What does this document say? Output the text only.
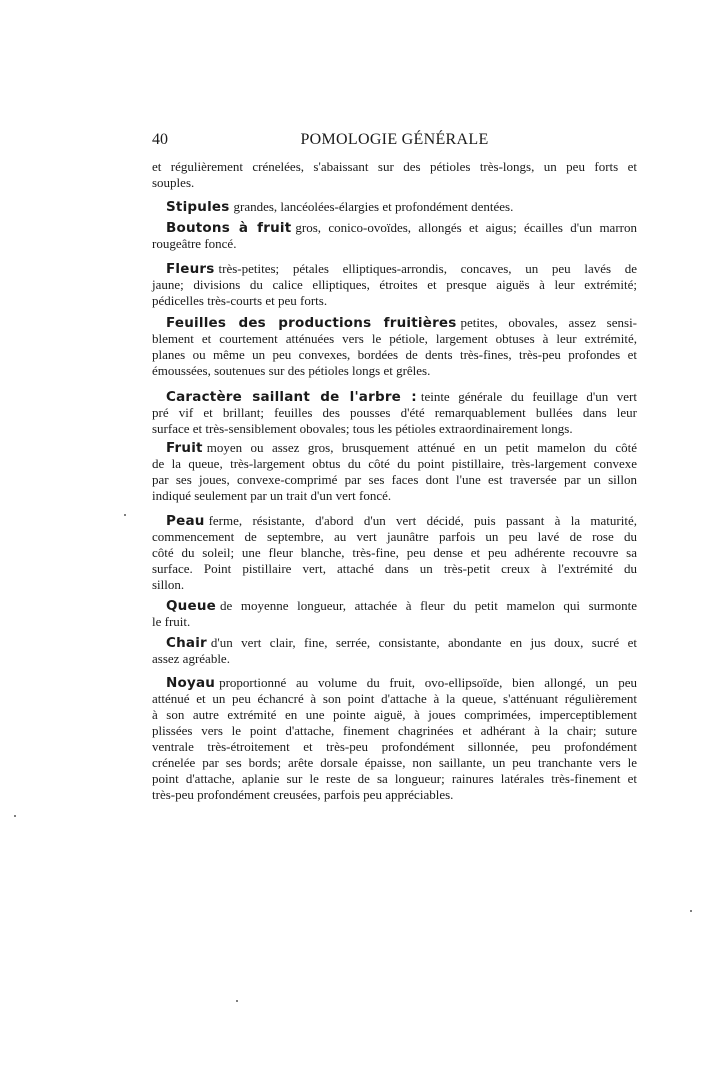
40	POMOLOGIE GÉNÉRALE
et régulièrement crénelées, s'abaissant sur des pétioles très-longs, un peu forts et
souples.
Stipules grandes, lancéolées-élargies et profondément dentées.
Boutons à fruit gros, conico-ovoïdes, allongés et aigus; écailles d'un marron
rougeâtre foncé.
Fleurs très-petites; pétales elliptiques-arrondis, concaves, un peu lavés de
jaune; divisions du calice elliptiques, étroites et presque aiguës à leur extrémité;
pédicelles très-courts et peu forts.
Feuilles des productions fruitières petites, obovales, assez sensi-
blement et courtement atténuées vers le pétiole, largement obtuses à leur extrémité,
planes ou même un peu convexes, bordées de dents très-fines, très-peu profondes et
émoussées, soutenues sur des pétioles longs et grêles.
Caractère saillant de l'arbre : teinte générale du feuillage d'un vert
pré vif et brillant; feuilles des pousses d'été remarquablement bullées dans leur
surface et très-sensiblement obovales; tous les pétioles extraordinairement longs.
Fruit moyen ou assez gros, brusquement atténué en un petit mamelon du côté
de la queue, très-largement obtus du côté du point pistillaire, très-largement convexe
par ses joues, convexe-comprimé par ses faces dont l'une est traversée par un sillon
indiqué seulement par un trait d'un vert foncé.
Peau ferme, résistante, d'abord d'un vert décidé, puis passant à la maturité,
commencement de septembre, au vert jaunâtre parfois un peu lavé de rose du
côté du soleil; une fleur blanche, très-fine, peu dense et peu adhérente recouvre sa
surface. Point pistillaire vert, attaché dans un très-petit creux à l'extrémité du
sillon.
Queue de moyenne longueur, attachée à fleur du petit mamelon qui surmonte
le fruit.
Chair d'un vert clair, fine, serrée, consistante, abondante en jus doux, sucré et
assez agréable.
Noyau proportionné au volume du fruit, ovo-ellipsoïde, bien allongé, un peu
atténué et un peu échancré à son point d'attache à la queue, s'atténuant régulièrement
à son autre extrémité en une pointe aiguë, à joues comprimées, imperceptiblement
plissées vers le point d'attache, finement chagrinées et adhérant à la chair; suture
ventrale très-étroitement et très-peu profondément sillonnée, peu profondément
crénelée par ses bords; arête dorsale épaisse, non saillante, un peu tranchante vers le
point d'attache, aplanie sur le reste de sa longueur; rainures latérales très-finement et
très-peu profondément creusées, parfois peu appréciables.
